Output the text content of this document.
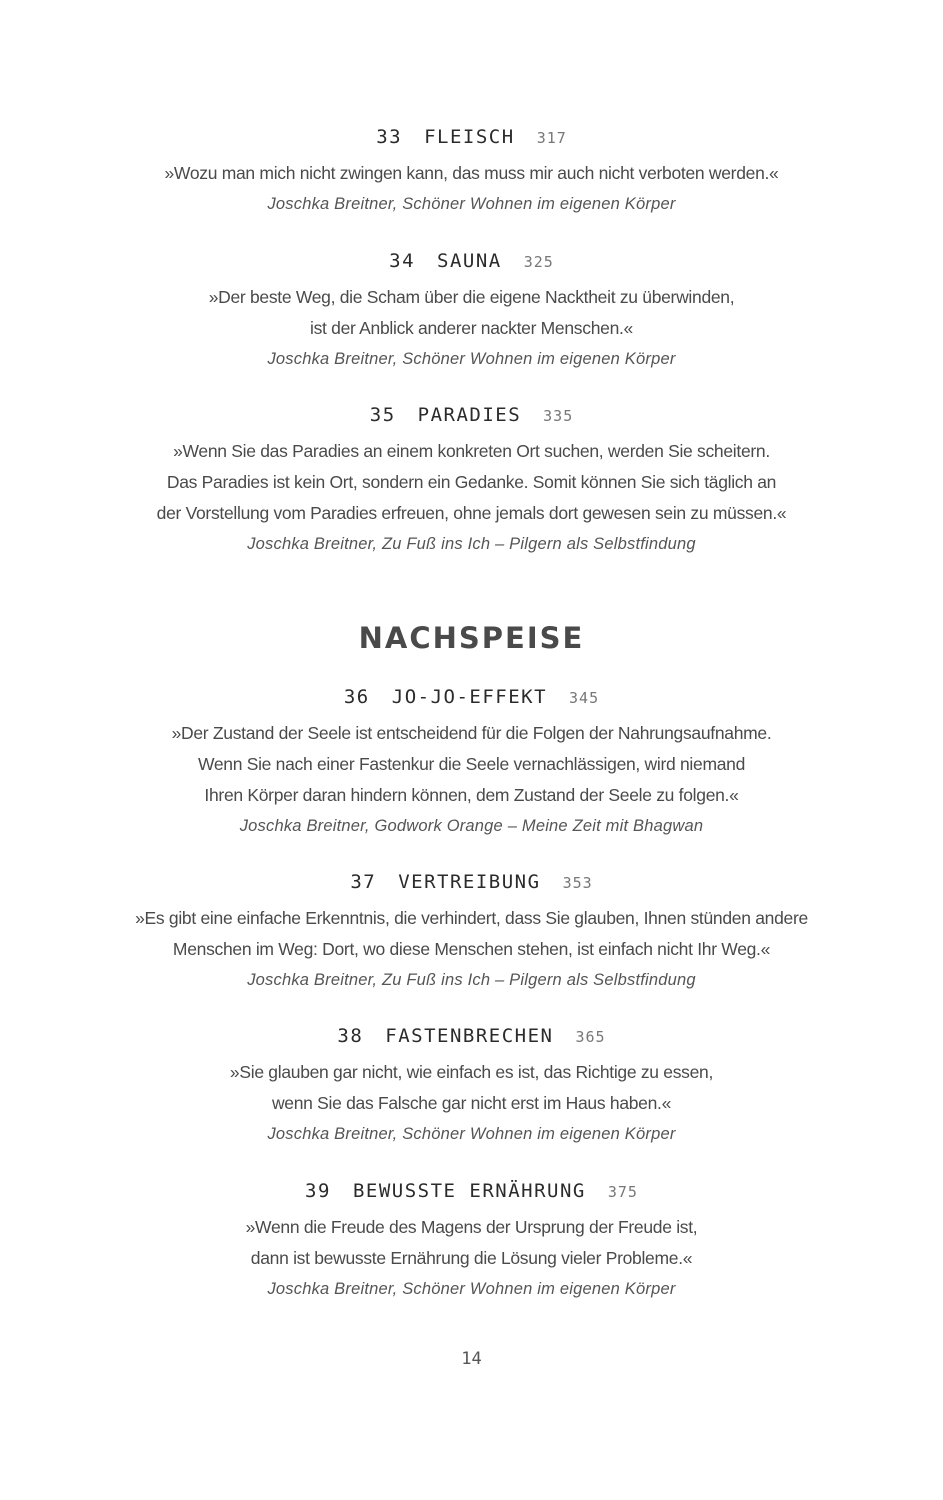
33 FLEISCH 317
»Wozu man mich nicht zwingen kann, das muss mir auch nicht verboten werden.«
Joschka Breitner, Schöner Wohnen im eigenen Körper
34 SAUNA 325
»Der beste Weg, die Scham über die eigene Nacktheit zu überwinden,
ist der Anblick anderer nackter Menschen.«
Joschka Breitner, Schöner Wohnen im eigenen Körper
35 PARADIES 335
»Wenn Sie das Paradies an einem konkreten Ort suchen, werden Sie scheitern.
Das Paradies ist kein Ort, sondern ein Gedanke. Somit können Sie sich täglich an
der Vorstellung vom Paradies erfreuen, ohne jemals dort gewesen sein zu müssen.«
Joschka Breitner, Zu Fuß ins Ich – Pilgern als Selbstfindung
NACHSPEISE
36 JO-JO-EFFEKT 345
»Der Zustand der Seele ist entscheidend für die Folgen der Nahrungsaufnahme.
Wenn Sie nach einer Fastenkur die Seele vernachlässigen, wird niemand
Ihren Körper daran hindern können, dem Zustand der Seele zu folgen.«
Joschka Breitner, Godwork Orange – Meine Zeit mit Bhagwan
37 VERTREIBUNG 353
»Es gibt eine einfache Erkenntnis, die verhindert, dass Sie glauben, Ihnen stünden andere
Menschen im Weg: Dort, wo diese Menschen stehen, ist einfach nicht Ihr Weg.«
Joschka Breitner, Zu Fuß ins Ich – Pilgern als Selbstfindung
38 FASTENBRECHEN 365
»Sie glauben gar nicht, wie einfach es ist, das Richtige zu essen,
wenn Sie das Falsche gar nicht erst im Haus haben.«
Joschka Breitner, Schöner Wohnen im eigenen Körper
39 BEWUSSTE ERNÄHRUNG 375
»Wenn die Freude des Magens der Ursprung der Freude ist,
dann ist bewusste Ernährung die Lösung vieler Probleme.«
Joschka Breitner, Schöner Wohnen im eigenen Körper
14
